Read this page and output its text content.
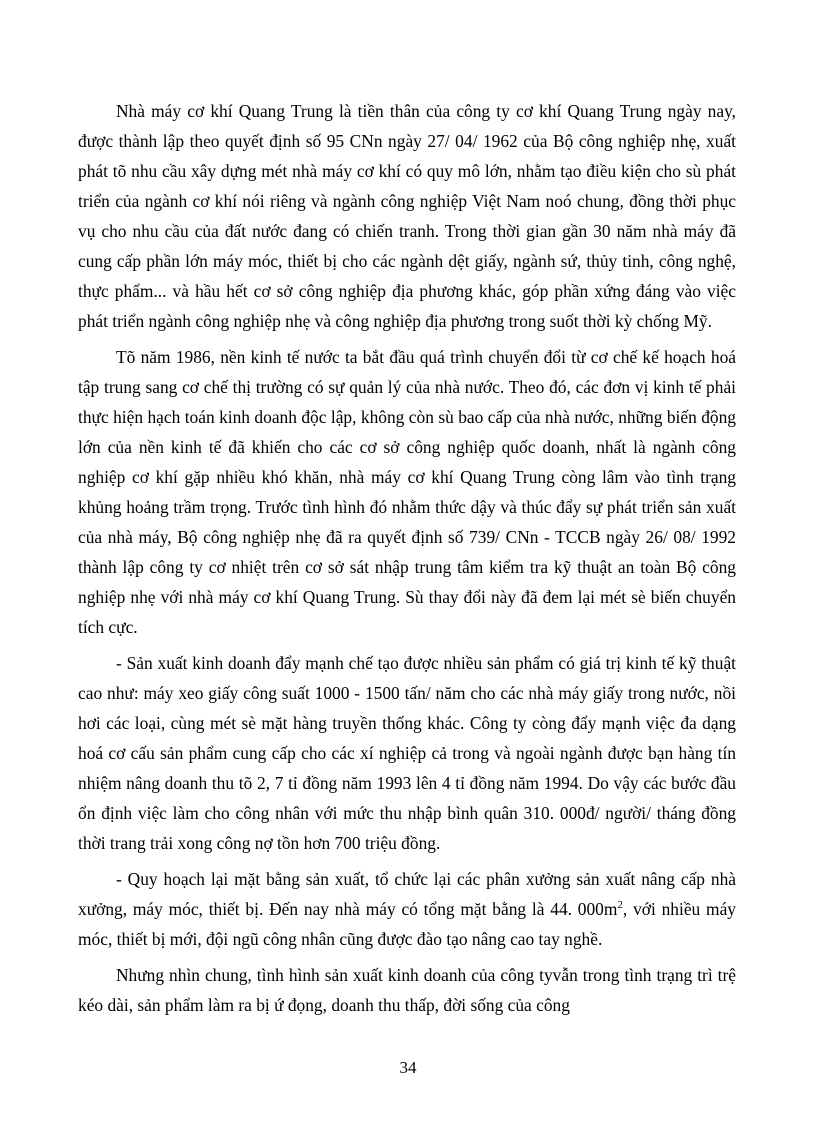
Nhà máy cơ khí Quang Trung là tiền thân của công ty cơ khí Quang Trung ngày nay, được thành lập theo quyết định số 95 CNn ngày 27/ 04/ 1962 của Bộ công nghiệp nhẹ, xuất phát tõ nhu cầu xây dựng mét nhà máy cơ khí có quy mô lớn, nhằm tạo điều kiện cho sù phát triển của ngành cơ khí nói riêng và ngành công nghiệp Việt Nam noó chung, đồng thời phục vụ cho nhu cầu của đất nước đang có chiến tranh. Trong thời gian gần 30 năm nhà máy đã cung cấp phần lớn máy móc, thiết bị cho các ngành dệt giấy, ngành sứ, thủy tinh, công nghệ, thực phẩm... và hầu hết cơ sở công nghiệp địa phương khác, góp phần xứng đáng vào việc phát triển ngành công nghiệp nhẹ và công nghiệp địa phương trong suốt thời kỳ chống Mỹ.

Tõ năm 1986, nền kinh tế nước ta bắt đầu quá trình chuyển đổi từ cơ chế kế hoạch hoá tập trung sang cơ chế thị trường có sự quản lý của nhà nước. Theo đó, các đơn vị kinh tế phải thực hiện hạch toán kinh doanh độc lập, không còn sù bao cấp của nhà nước, những biến động lớn của nền kinh tế đã khiến cho các cơ sở công nghiệp quốc doanh, nhất là ngành công nghiệp cơ khí gặp nhiều khó khăn, nhà máy cơ khí Quang Trung còng lâm vào tình trạng khủng hoảng trầm trọng. Trước tình hình đó nhằm thức dậy và thúc đẩy sự phát triển sản xuất của nhà máy, Bộ công nghiệp nhẹ đã ra quyết định số 739/ CNn - TCCB ngày 26/ 08/ 1992 thành lập công ty cơ nhiệt trên cơ sở sát nhập trung tâm kiểm tra kỹ thuật an toàn Bộ công nghiệp nhẹ với nhà máy cơ khí Quang Trung. Sù thay đổi này đã đem lại mét sè biến chuyển tích cực.

- Sản xuất kinh doanh đẩy mạnh chế tạo được nhiều sản phẩm có giá trị kinh tế kỹ thuật cao như: máy xeo giấy công suất 1000 - 1500 tấn/ năm cho các nhà máy giấy trong nước, nồi hơi các loại, cùng mét sè mặt hàng truyền thống khác. Công ty còng đẩy mạnh việc đa dạng hoá cơ cấu sản phẩm cung cấp cho các xí nghiệp cả trong và ngoài ngành được bạn hàng tín nhiệm nâng doanh thu tõ 2, 7 tỉ đồng năm 1993 lên 4 tỉ đồng năm 1994. Do vậy các bước đầu ổn định việc làm cho công nhân với mức thu nhập bình quân 310. 000đ/ người/ tháng đồng thời trang trải xong công nợ tồn hơn 700 triệu đồng.

- Quy hoạch lại mặt bằng sản xuất, tổ chức lại các phân xưởng sản xuất nâng cấp nhà xưởng, máy móc, thiết bị. Đến nay nhà máy có tổng mặt bằng là 44. $000m^2$, với nhiều máy móc, thiết bị mới, đội ngũ công nhân cũng được đào tạo nâng cao tay nghề.

Nhưng nhìn chung, tình hình sản xuất kinh doanh của công tyvẫn trong tình trạng trì trệ kéo dài, sản phẩm làm ra bị ứ đọng, doanh thu thấp, đời sống của công

34
